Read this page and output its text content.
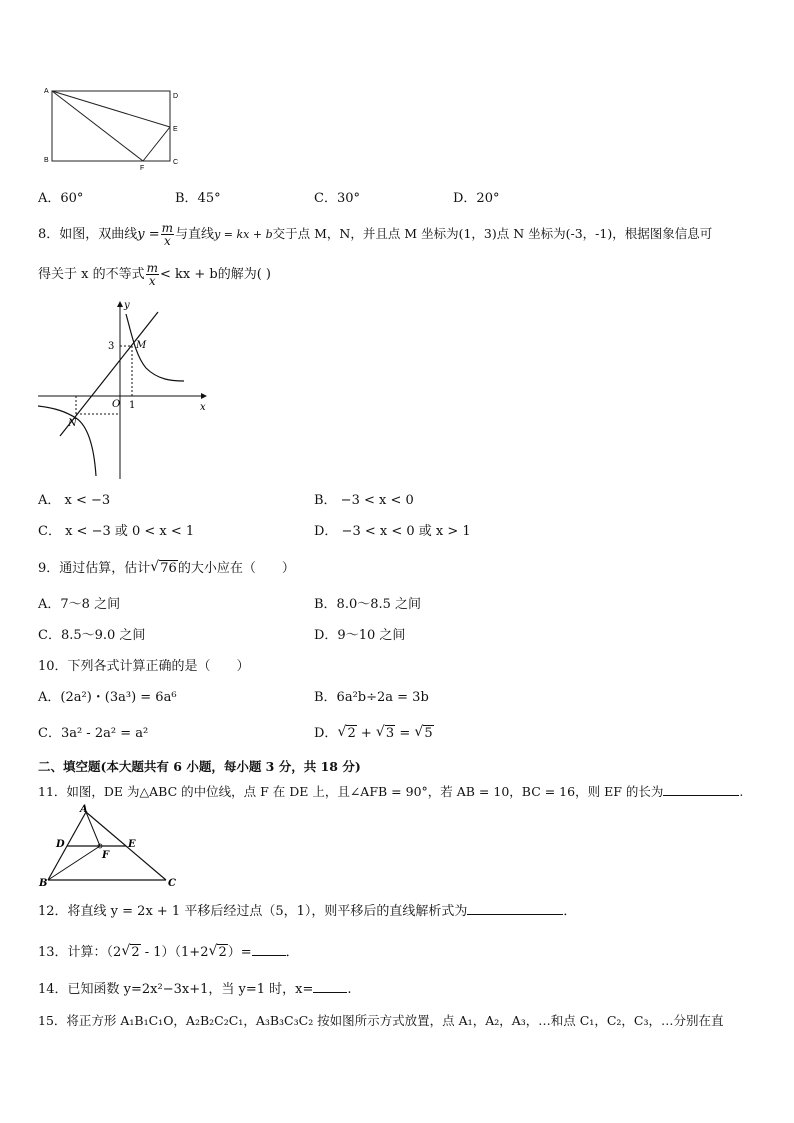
A
D
E
B
F
C
A．60°	B．45°	C．30°	D．20°
8．如图，双曲线$y = \frac{m}{x}$ 与直线y = kx + b交于点 M，N，并且点 M 坐标为(1，3)点 N 坐标为(-3，-1)，根据图象信息可
得关于 x 的不等式 $\frac{m}{x}$ < kx + b的解为( )
y
x
3
1
O
M
N
A． x < −3	B． −3 < x < 0
C． x < −3 或 0 < x < 1	D． −3 < x < 0 或 x > 1
9．通过估算，估计 √ 76的大小应在（　　）
A．7～8 之间	B．8.0～8.5 之间
C．8.5～9.0 之间	D．9～10 之间
10．下列各式计算正确的是（　　）
A．(2a²)・(3a³) = 6a⁶	B．6a²b÷2a = 3b
C．3a² - 2a² = a²	D． √ 2 + √ 3 = √ 5
二、填空题(本大题共有 6 小题，每小题 3 分，共 18 分)
11．如图，DE 为△ABC 的中位线，点 F 在 DE 上，且∠AFB = 90°，若 AB = 10，BC = 16，则 EF 的长为	.
A
D	E
F
B	C
12．将直线 y = 2x + 1 平移后经过点（5，1），则平移后的直线解析式为	．
13．计算：（2 √ 2 - 1）（1+2 √ 2）=	．
14．已知函数 y=2x²−3x+1，当 y=1 时，x=	.
15．将正方形 A₁B₁C₁O，A₂B₂C₂C₁，A₃B₃C₃C₂ 按如图所示方式放置，点 A₁，A₂，A₃，…和点 C₁，C₂，C₃，…分别在直
